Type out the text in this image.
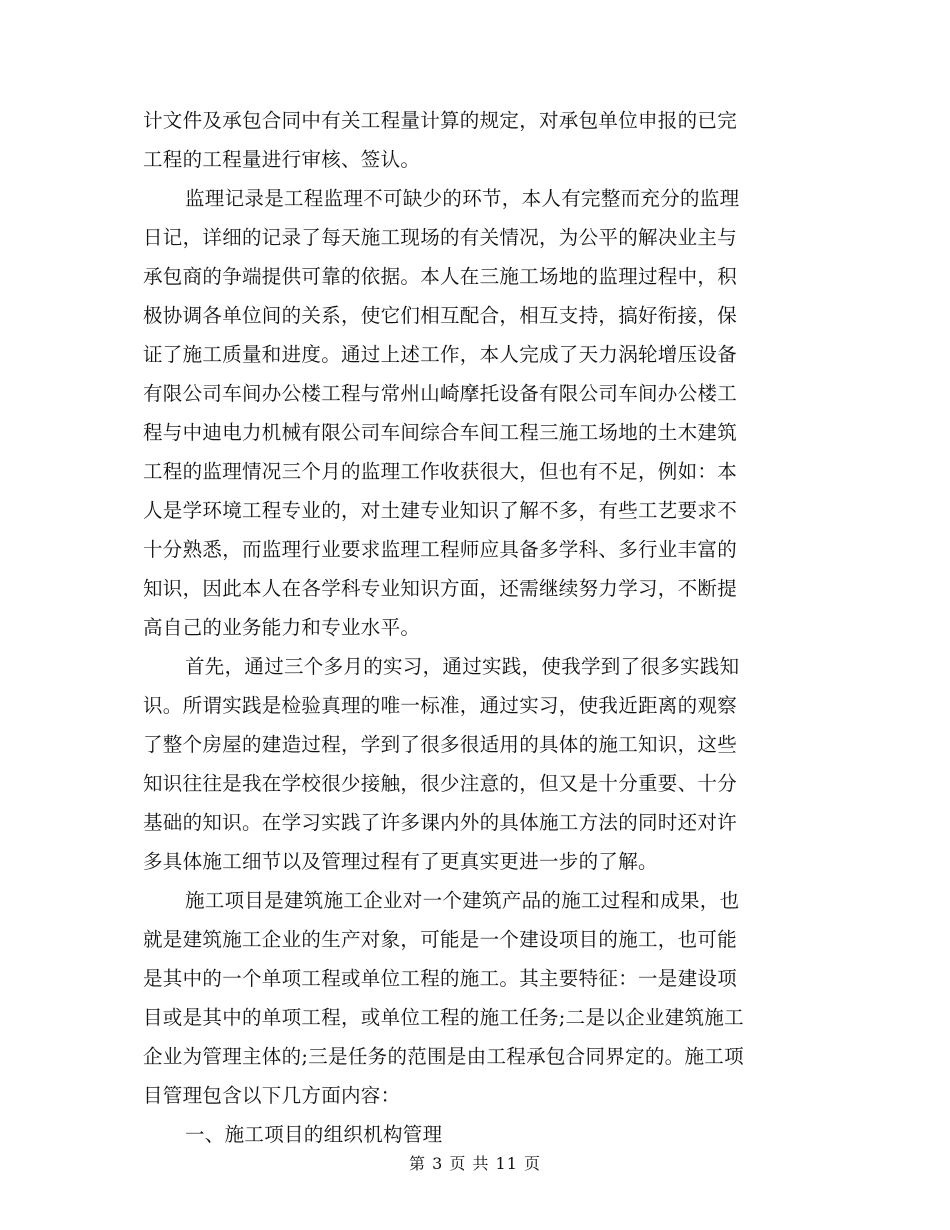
计文件及承包合同中有关工程量计算的规定，对承包单位申报的已完
工程的工程量进行审核、签认。
监理记录是工程监理不可缺少的环节，本人有完整而充分的监理
日记，详细的记录了每天施工现场的有关情况，为公平的解决业主与
承包商的争端提供可靠的依据。本人在三施工场地的监理过程中，积
极协调各单位间的关系，使它们相互配合，相互支持，搞好衔接，保
证了施工质量和进度。通过上述工作，本人完成了天力涡轮增压设备
有限公司车间办公楼工程与常州山崎摩托设备有限公司车间办公楼工
程与中迪电力机械有限公司车间综合车间工程三施工场地的土木建筑
工程的监理情况三个月的监理工作收获很大，但也有不足，例如：本
人是学环境工程专业的，对土建专业知识了解不多，有些工艺要求不
十分熟悉，而监理行业要求监理工程师应具备多学科、多行业丰富的
知识，因此本人在各学科专业知识方面，还需继续努力学习，不断提
高自己的业务能力和专业水平。
首先，通过三个多月的实习，通过实践，使我学到了很多实践知
识。所谓实践是检验真理的唯一标准，通过实习，使我近距离的观察
了整个房屋的建造过程，学到了很多很适用的具体的施工知识，这些
知识往往是我在学校很少接触，很少注意的，但又是十分重要、十分
基础的知识。在学习实践了许多课内外的具体施工方法的同时还对许
多具体施工细节以及管理过程有了更真实更进一步的了解。
施工项目是建筑施工企业对一个建筑产品的施工过程和成果，也
就是建筑施工企业的生产对象，可能是一个建设项目的施工，也可能
是其中的一个单项工程或单位工程的施工。其主要特征：一是建设项
目或是其中的单项工程，或单位工程的施工任务;二是以企业建筑施工
企业为管理主体的;三是任务的范围是由工程承包合同界定的。施工项
目管理包含以下几方面内容：
一、施工项目的组织机构管理
第 3 页 共 11 页
